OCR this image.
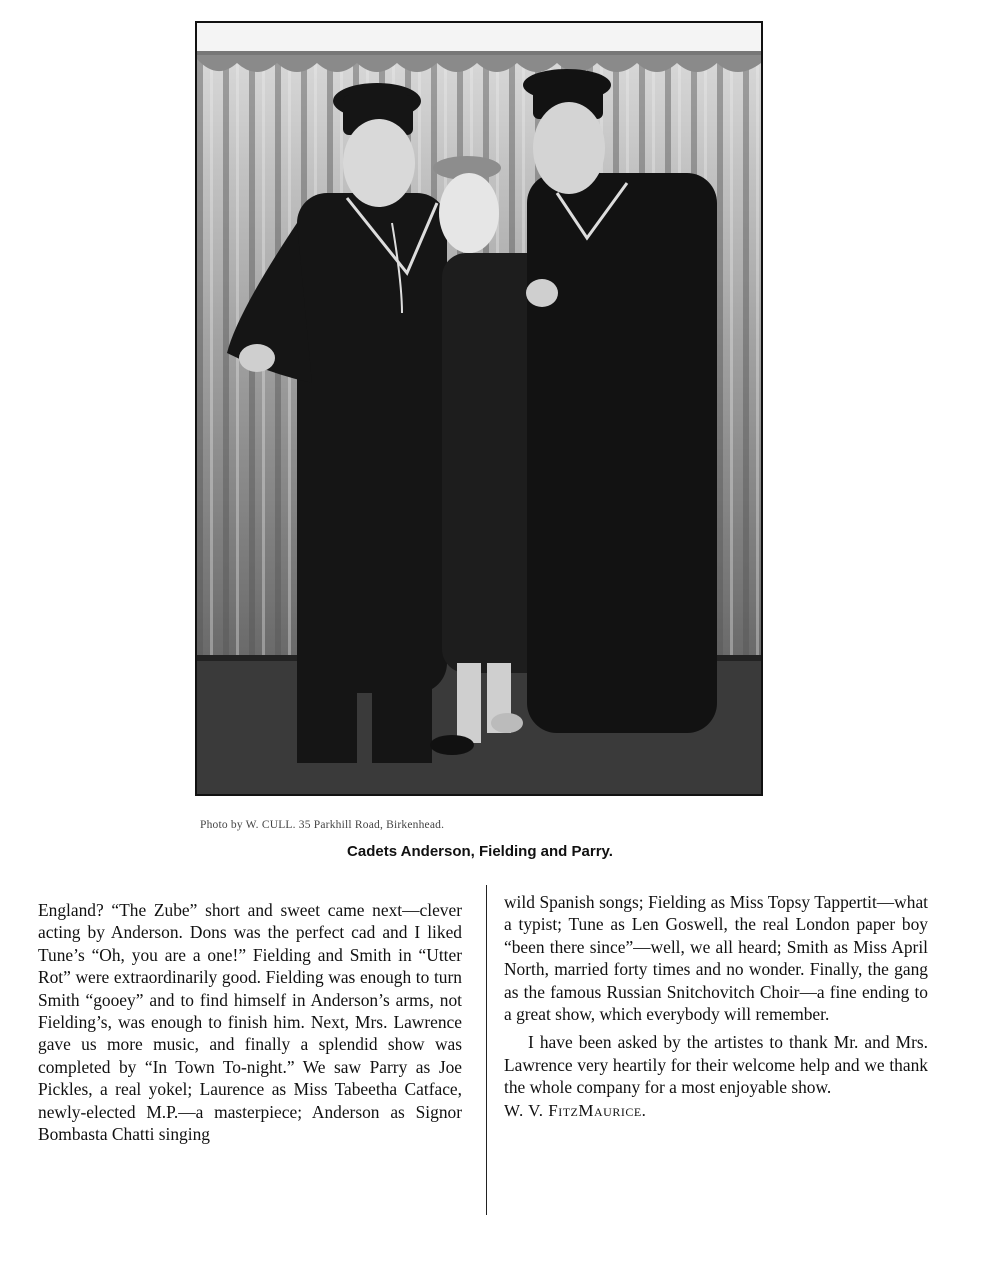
Photo by W. CULL. 35 Parkhill Road, Birkenhead.
Cadets Anderson, Fielding and Parry.

England? “The Zube” short and sweet came next—clever acting by Anderson. Dons was the perfect cad and I liked Tune’s “Oh, you are a one!” Fielding and Smith in “Utter Rot” were extraordinarily good. Fielding was enough to turn Smith “gooey” and to find himself in Anderson’s arms, not Fielding’s, was enough to finish him. Next, Mrs. Lawrence gave us more music, and finally a splendid show was completed by “In Town To-night.” We saw Parry as Joe Pickles, a real yokel; Laurence as Miss Tabeetha Catface, newly-elected M.P.—a masterpiece; Anderson as Signor Bombasta Chatti singing

wild Spanish songs; Fielding as Miss Topsy Tappertit—what a typist; Tune as Len Goswell, the real London paper boy “been there since”—well, we all heard; Smith as Miss April North, married forty times and no wonder. Finally, the gang as the famous Russian Snitchovitch Choir—a fine ending to a great show, which everybody will remember.

I have been asked by the artistes to thank Mr. and Mrs. Lawrence very heartily for their welcome help and we thank the whole company for a most enjoyable show.

W. V. FitzMaurice.
